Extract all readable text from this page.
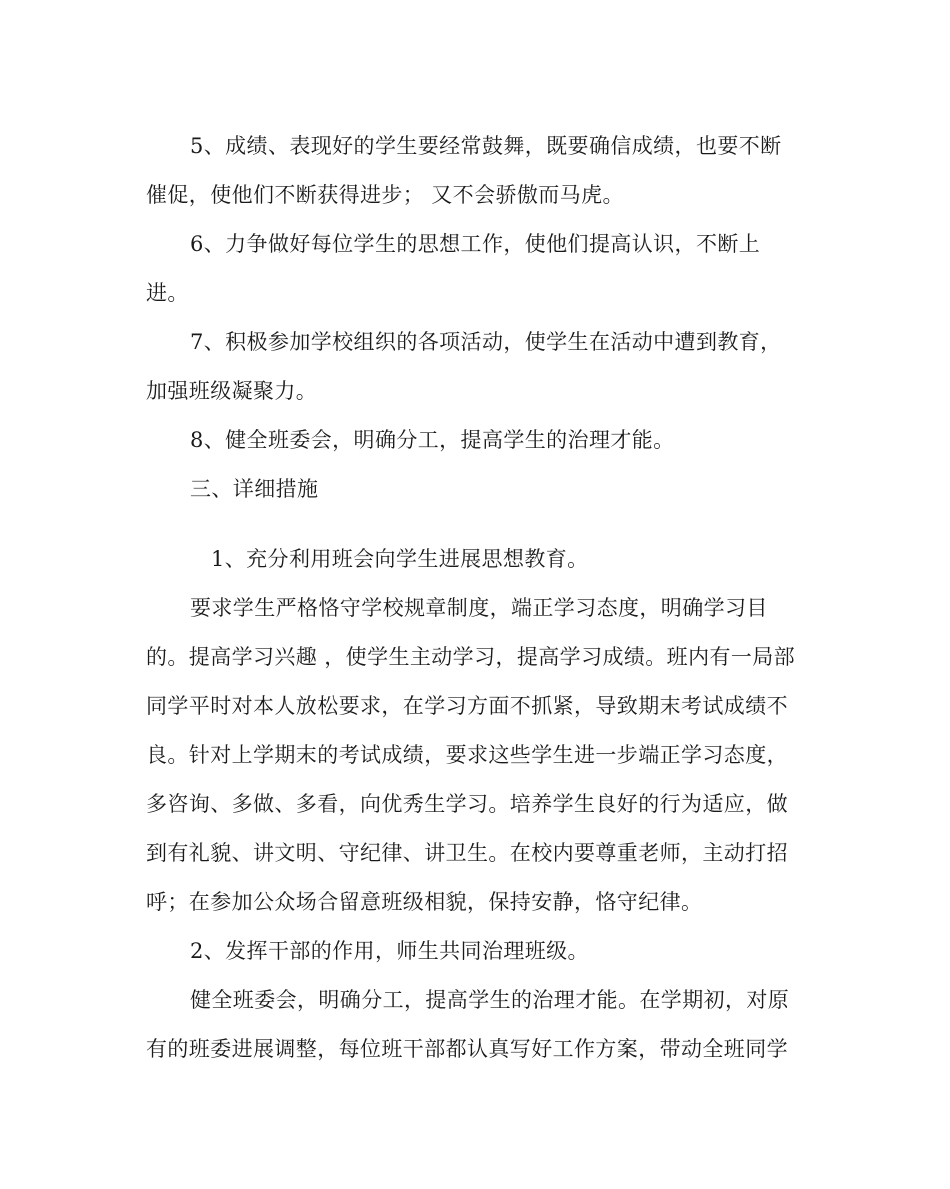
5、成绩、表现好的学生要经常鼓舞，既要确信成绩，也要不断
催促，使他们不断获得进步； 又不会骄傲而马虎。
6、力争做好每位学生的思想工作，使他们提高认识，不断上
进。
7、积极参加学校组织的各项活动，使学生在活动中遭到教育，
加强班级凝聚力。
8、健全班委会，明确分工，提高学生的治理才能。
三、详细措施
1、充分利用班会向学生进展思想教育。
要求学生严格恪守学校规章制度，端正学习态度，明确学习目
的。提高学习兴趣 ，使学生主动学习，提高学习成绩。班内有一局部
同学平时对本人放松要求，在学习方面不抓紧，导致期末考试成绩不
良。针对上学期末的考试成绩，要求这些学生进一步端正学习态度，
多咨询、多做、多看，向优秀生学习。培养学生良好的行为适应，做
到有礼貌、讲文明、守纪律、讲卫生。在校内要尊重老师，主动打招
呼；在参加公众场合留意班级相貌，保持安静，恪守纪律。
2、发挥干部的作用，师生共同治理班级。
健全班委会，明确分工，提高学生的治理才能。在学期初，对原
有的班委进展调整，每位班干部都认真写好工作方案，带动全班同学
